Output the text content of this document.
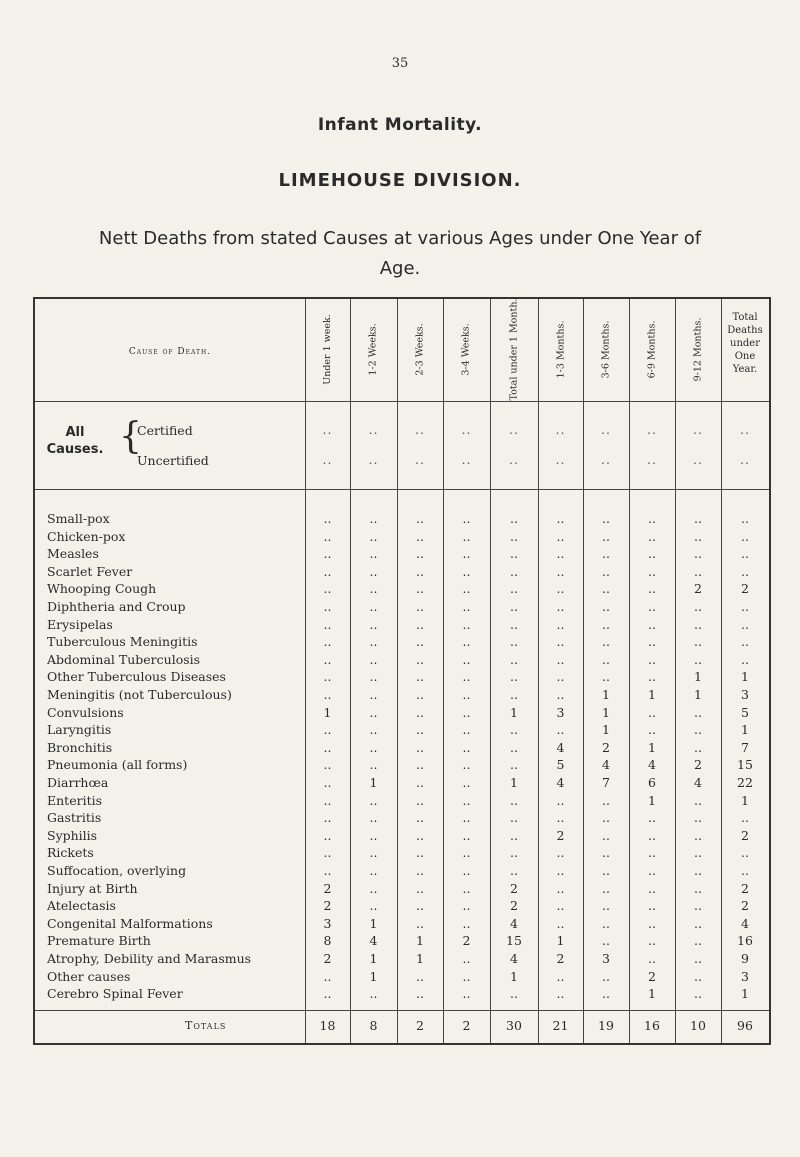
35
Infant Mortality.
LIMEHOUSE DIVISION.
Nett Deaths from stated Causes at various Ages under One Year of Age.
Cause of Death.
All Causes. {
Under 1 week.	1-2 Weeks.	2-3 Weeks.	3-4 Weeks.	Total under 1 Month.	1-3 Months.	3-6 Months.	6-9 Months.	9-12 Months.	Total Deaths under One Year.
Certified	..	..	..	..	..	..	..	..	..	..
Uncertified	..	..	..	..	..	..	..	..	..	..
Small-pox	..	..	..	..	..	..	..	..	..	..
Chicken-pox	..	..	..	..	..	..	..	..	..	..
Measles	..	..	..	..	..	..	..	..	..	..
Scarlet Fever	..	..	..	..	..	..	..	..	..	..
Whooping Cough	..	..	..	..	..	..	..	..	2	2
Diphtheria and Croup	..	..	..	..	..	..	..	..	..	..
Erysipelas	..	..	..	..	..	..	..	..	..	..
Tuberculous Meningitis	..	..	..	..	..	..	..	..	..	..
Abdominal Tuberculosis	..	..	..	..	..	..	..	..	..	..
Other Tuberculous Diseases	..	..	..	..	..	..	..	..	1	1
Meningitis (not Tuberculous)	..	..	..	..	..	..	1	1	1	3
Convulsions	1	..	..	..	1	3	1	..	..	5
Laryngitis	..	..	..	..	..	..	1	..	..	1
Bronchitis	..	..	..	..	..	4	2	1	..	7
Pneumonia (all forms)	..	..	..	..	..	5	4	4	2	15
Diarrhœa	..	1	..	..	1	4	7	6	4	22
Enteritis	..	..	..	..	..	..	..	1	..	1
Gastritis	..	..	..	..	..	..	..	..	..	..
Syphilis	..	..	..	..	..	2	..	..	..	2
Rickets	..	..	..	..	..	..	..	..	..	..
Suffocation, overlying	..	..	..	..	..	..	..	..	..	..
Injury at Birth	2	..	..	..	2	..	..	..	..	2
Atelectasis	2	..	..	..	2	..	..	..	..	2
Congenital Malformations	3	1	..	..	4	..	..	..	..	4
Premature Birth	8	4	1	2	15	1	..	..	..	16
Atrophy, Debility and Marasmus	2	1	1	..	4	2	3	..	..	9
Other causes	..	1	..	..	1	..	..	2	..	3
Cerebro Spinal Fever	..	..	..	..	..	..	..	1	..	1
Totals	18	8	2	2	30	21	19	16	10	96
